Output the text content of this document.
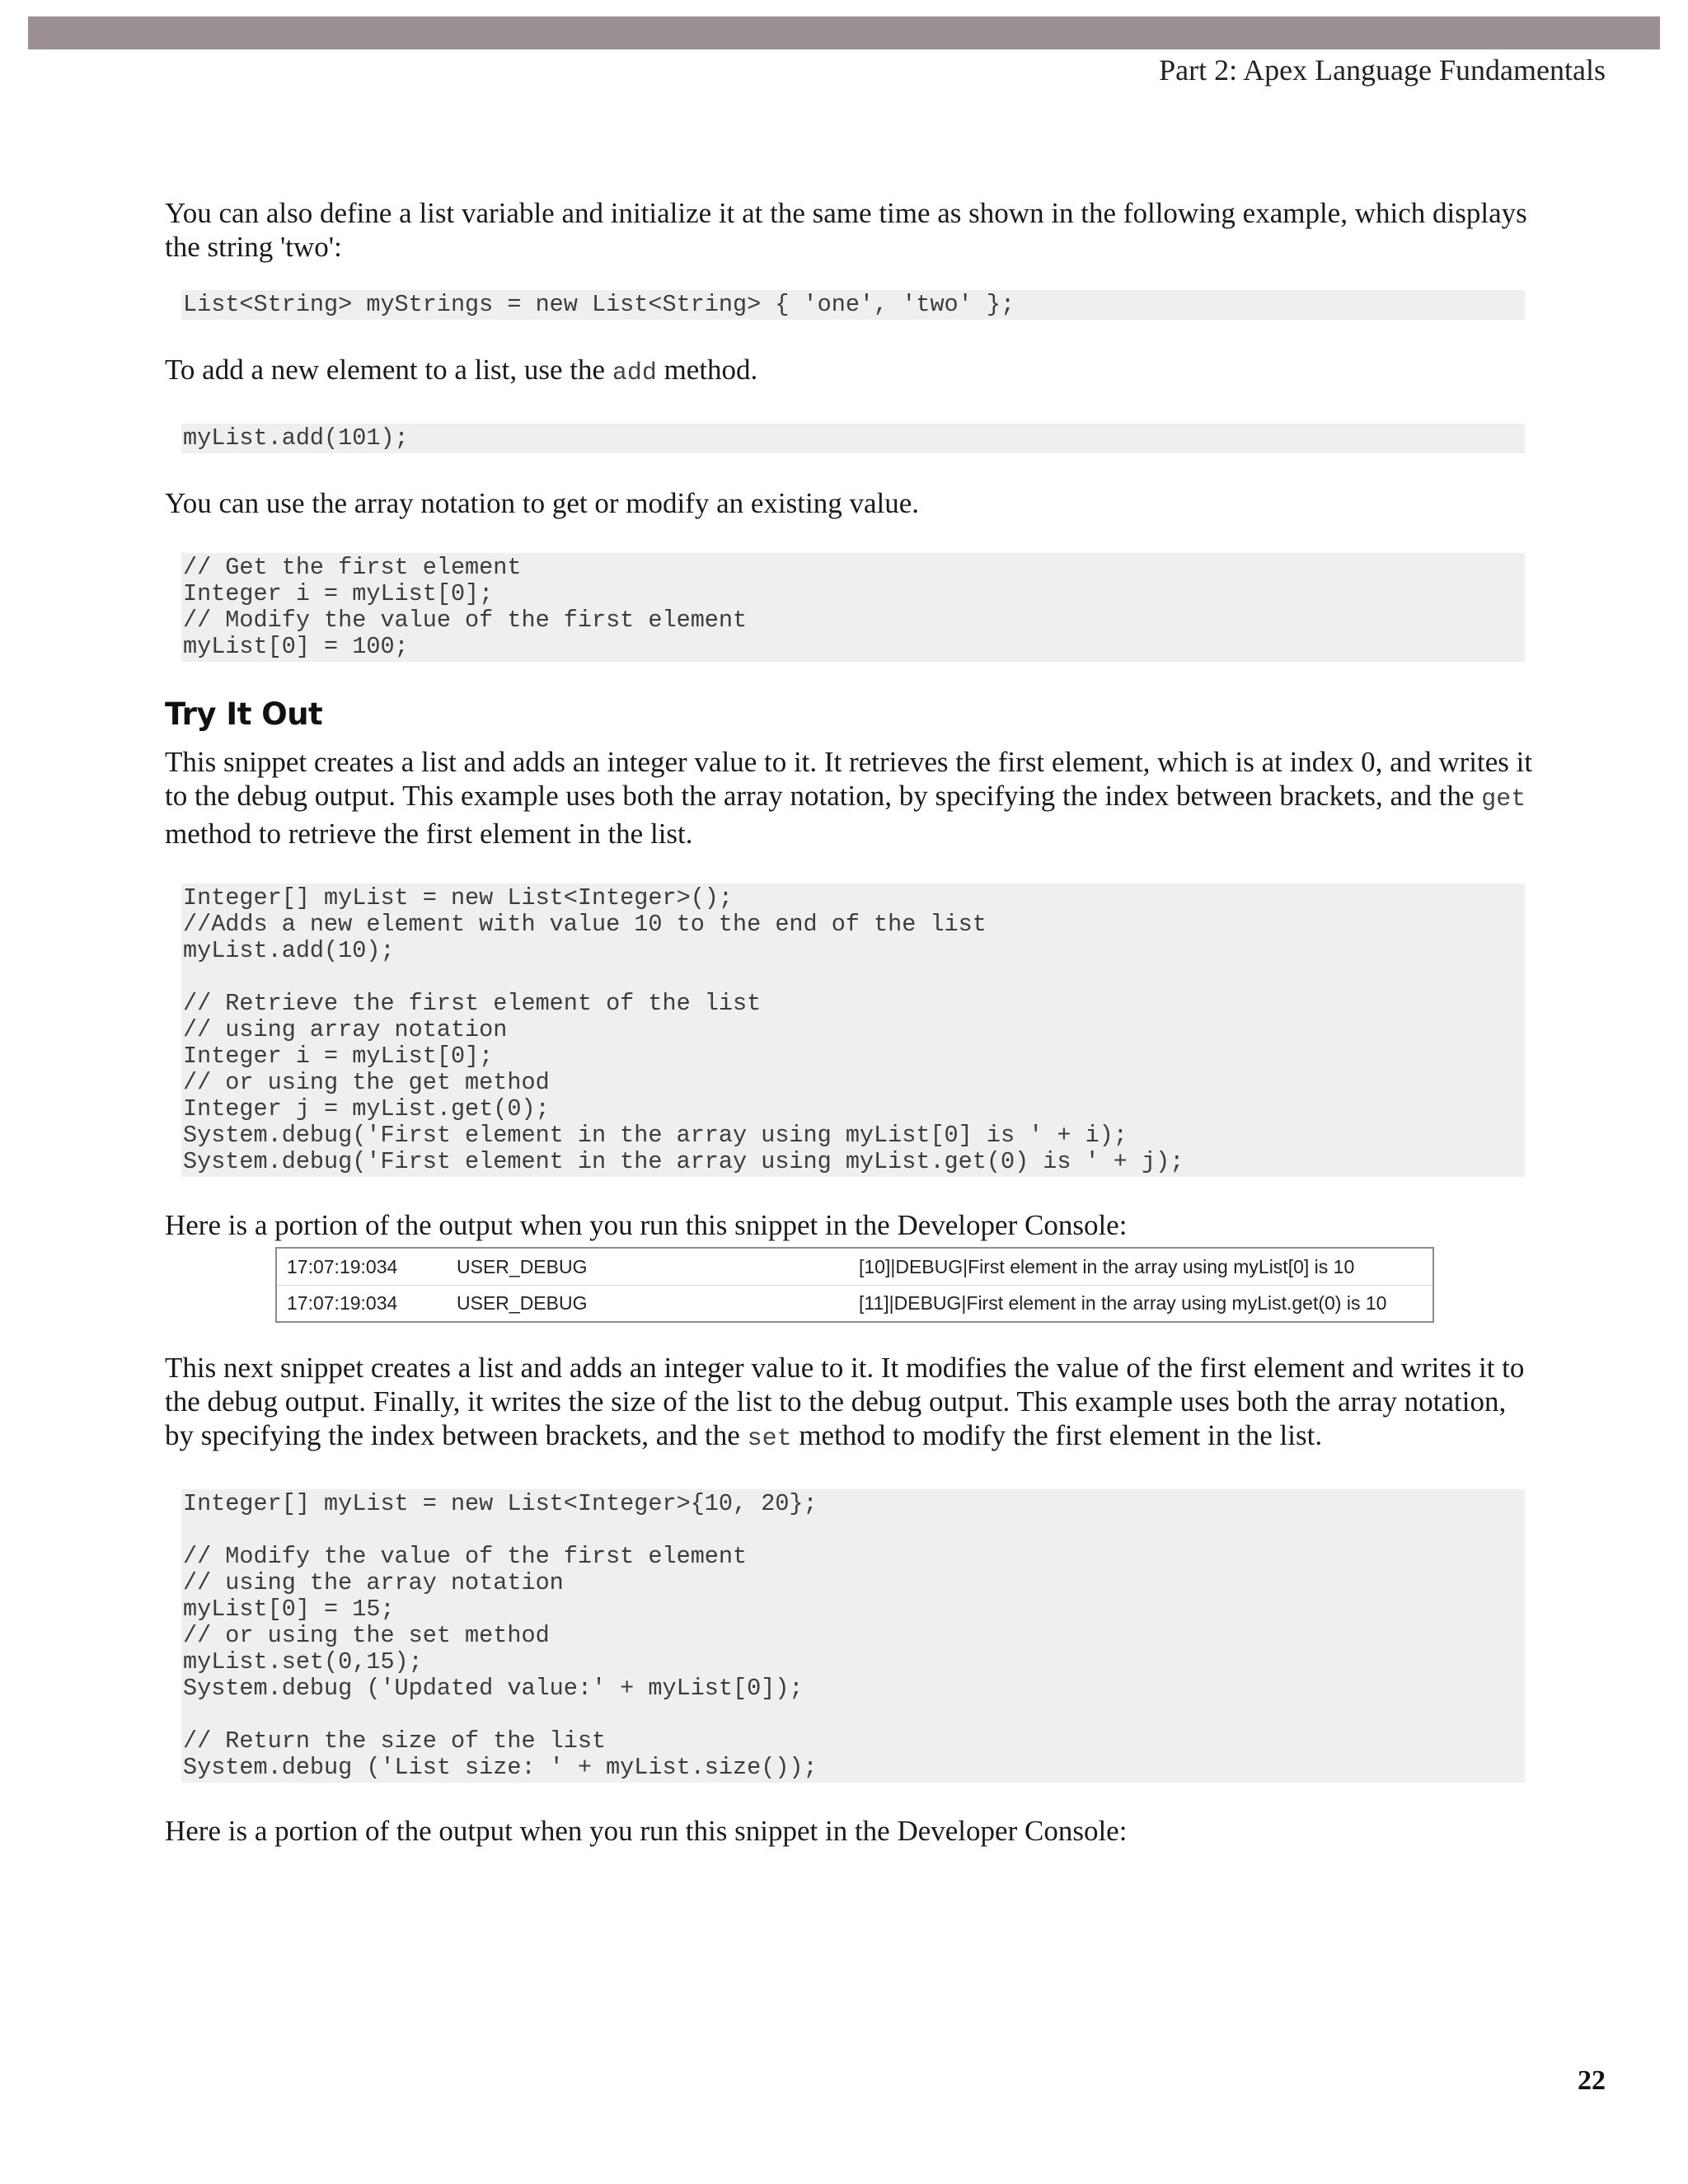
Part 2: Apex Language Fundamentals

You can also define a list variable and initialize it at the same time as shown in the following example, which displays the string 'two':

List<String> myStrings = new List<String> { 'one', 'two' };

To add a new element to a list, use the add method.

myList.add(101);

You can use the array notation to get or modify an existing value.

// Get the first element
Integer i = myList[0];
// Modify the value of the first element
myList[0] = 100;
Try It Out

This snippet creates a list and adds an integer value to it. It retrieves the first element, which is at index 0, and writes it to the debug output. This example uses both the array notation, by specifying the index between brackets, and the get method to retrieve the first element in the list.

Integer[] myList = new List<Integer>();
//Adds a new element with value 10 to the end of the list
myList.add(10);
// Retrieve the first element of the list
// using array notation
Integer i = myList[0];
// or using the get method
Integer j = myList.get(0);
System.debug('First element in the array using myList[0] is ' + i);
System.debug('First element in the array using myList.get(0) is ' + j);

Here is a portion of the output when you run this snippet in the Developer Console:

17:07:19:034	USER_DEBUG	[10]|DEBUG|First element in the array using myList[0] is 10
17:07:19:034	USER_DEBUG	[11]|DEBUG|First element in the array using myList.get(0) is 10

This next snippet creates a list and adds an integer value to it. It modifies the value of the first element and writes it to the debug output. Finally, it writes the size of the list to the debug output. This example uses both the array notation, by specifying the index between brackets, and the set method to modify the first element in the list.

Integer[] myList = new List<Integer>{10, 20};
// Modify the value of the first element
// using the array notation
myList[0] = 15;
// or using the set method
myList.set(0,15);
System.debug ('Updated value:' + myList[0]);
// Return the size of the list
System.debug ('List size: ' + myList.size());

Here is a portion of the output when you run this snippet in the Developer Console:

22
